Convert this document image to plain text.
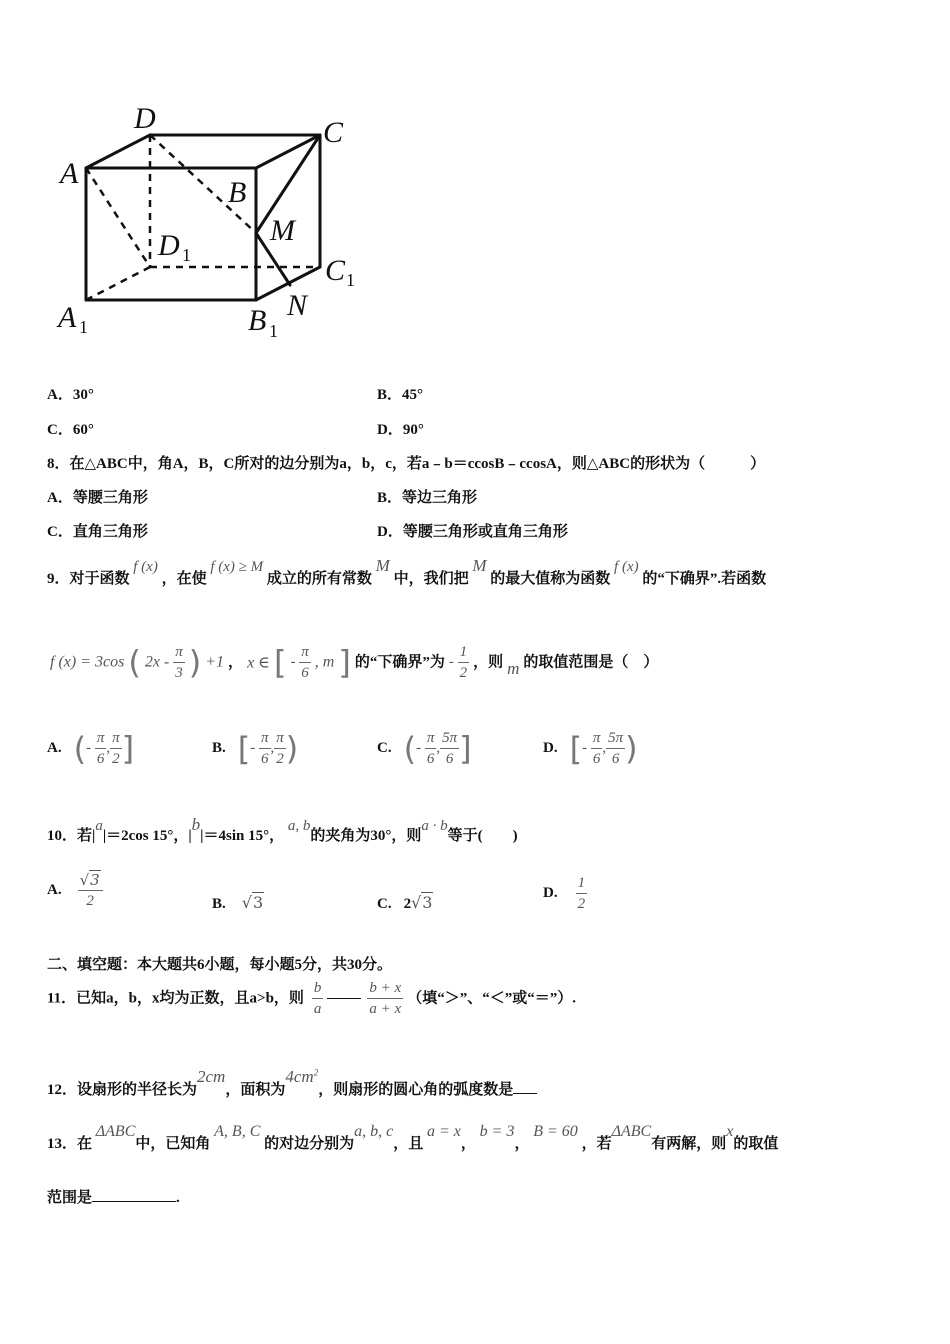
D	C
A
B
M
D
C
A	B N
1
1
1	1
A．30°	B．45°
C．60°	D．90°
8．在△ABC中，角A，B，C所对的边分别为a，b，c，若a﹣b＝ccosB﹣ccosA，则△ABC的形状为（　　　）
A．等腰三角形	B．等边三角形
C．直角三角形	D．等腰三角形或直角三角形
9．对于函数 f (x) ，在使 f (x) ≥ M 成立的所有常数 M 中，我们把 M 的最大值称为函数 f (x) 的“下确界”.若函数
f (x) = 3cos ( $2x - \frac{\pi}{3}$ ) +1 ， x ∈ [ - $\frac{\pi}{6}$ , m ] 的“下确界”为 - $\frac{1}{2}$ ，则 m 的取值范围是（　）
A. (- $\frac{\pi}{6}$ , $\frac{\pi}{2}$ ]	B. [- $\frac{\pi}{6}$ , $\frac{\pi}{2}$ )	C. (- $\frac{\pi}{6}$ , $\frac{5\pi}{6}$ ]	D. [- $\frac{\pi}{6}$ , $\frac{5\pi}{6}$ )
10．若|a|＝2cos 15°，|b|＝4sin 15°， a, b的夹角为30°，则a · b等于(　　)
A. $\frac{√3}{2}$	B. √3	C. 2√3	D. $\frac{1}{2}$
二、填空题：本大题共6小题，每小题5分，共30分。
11．已知a，b，x均为正数，且a>b，则 $\frac{b}{a}$
	$\frac{b + x}{a + x}$ （填“＞”、“＜”或“＝”）.
12．设扇形的半径长为2cm，面积为$4cm^2$，则扇形的圆心角的弧度数是
13．在 ΔABC中，已知角 A, B, C 的对边分别为a, b, c，且 a = x， b = 3， B = 60 ，若ΔABC有两解，则x的取值
范围是	.
